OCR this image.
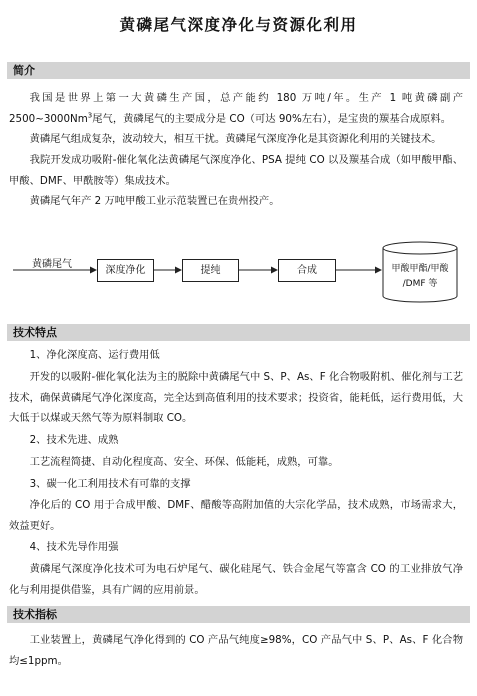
黄磷尾气深度净化与资源化利用
简介

我国是世界上第一大黄磷生产国，总产能约 180 万吨/年。生产 1 吨黄磷副产 2500~3000Nm$^3$尾气，黄磷尾气的主要成分是 CO（可达 90%左右），是宝贵的羰基合成原料。

黄磷尾气组成复杂，波动较大，相互干扰。黄磷尾气深度净化是其资源化利用的关键技术。

我院开发成功吸附-催化氧化法黄磷尾气深度净化、PSA 提纯 CO 以及羰基合成（如甲酸甲酯、甲酸、DMF、甲酰胺等）集成技术。

黄磷尾气年产 2 万吨甲酸工业示范装置已在贵州投产。

黄磷尾气
深度净化	提纯	合成	甲酸甲酯/甲酸
/DMF 等
技术特点

1、净化深度高、运行费用低

开发的以吸附-催化氧化法为主的脱除中黄磷尾气中 S、P、As、F 化合物吸附机、催化剂与工艺技术，确保黄磷尾气净化深度高，完全达到高值利用的技术要求；投资省，能耗低，运行费用低，大大低于以煤或天然气等为原料制取 CO。

2、技术先进、成熟

工艺流程简捷、自动化程度高、安全、环保、低能耗，成熟，可靠。

3、碳一化工利用技术有可靠的支撑

净化后的 CO 用于合成甲酸、DMF、醋酸等高附加值的大宗化学品，技术成熟，市场需求大，效益更好。

4、技术先导作用强

黄磷尾气深度净化技术可为电石炉尾气、碳化硅尾气、铁合金尾气等富含 CO 的工业排放气净化与利用提供借鉴，具有广阔的应用前景。

技术指标

工业装置上，黄磷尾气净化得到的 CO 产品气纯度≥98%，CO 产品气中 S、P、As、F 化合物均≤1ppm。
